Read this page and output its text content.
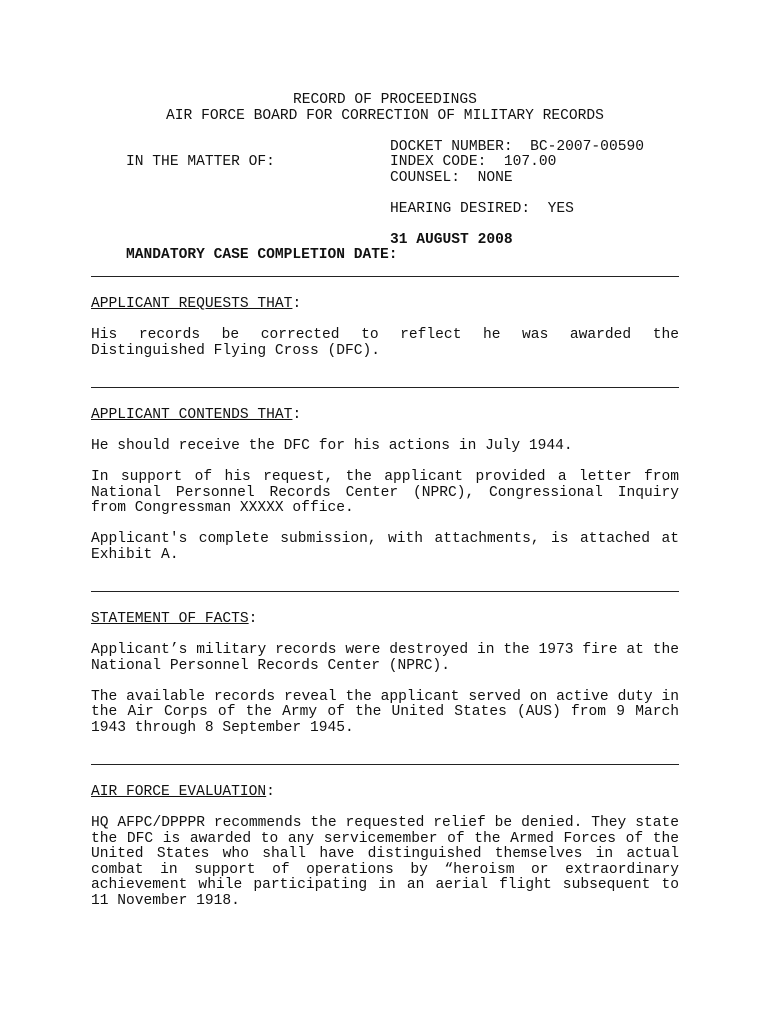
RECORD OF PROCEEDINGS
AIR FORCE BOARD FOR CORRECTION OF MILITARY RECORDS

IN THE MATTER OF:

DOCKET NUMBER:  BC-2007-00590

INDEX CODE:  107.00

COUNSEL:  NONE

HEARING DESIRED:  YES

MANDATORY CASE COMPLETION DATE:

31 AUGUST 2008

APPLICANT REQUESTS THAT:
His records be corrected to reflect he was awarded the
Distinguished Flying Cross (DFC).
APPLICANT CONTENDS THAT:
He should receive the DFC for his actions in July 1944.
In support of his request, the applicant provided a letter from National Personnel Records Center (NPRC), Congressional Inquiry from Congressman XXXXX office.
Applicant's complete submission, with attachments, is attached at Exhibit A.
STATEMENT OF FACTS:
Applicant’s military records were destroyed in the 1973 fire at the National Personnel Records Center (NPRC).
The available records reveal the applicant served on active duty in the Air Corps of the Army of the United States (AUS) from 9 March 1943 through 8 September 1945.
AIR FORCE EVALUATION:
HQ AFPC/DPPPR recommends the requested relief be denied. They state the DFC is awarded to any servicemember of the Armed Forces of the United States who shall have distinguished themselves in actual combat in support of operations by “heroism or extraordinary achievement while participating in an aerial flight subsequent to 11 November 1918.
